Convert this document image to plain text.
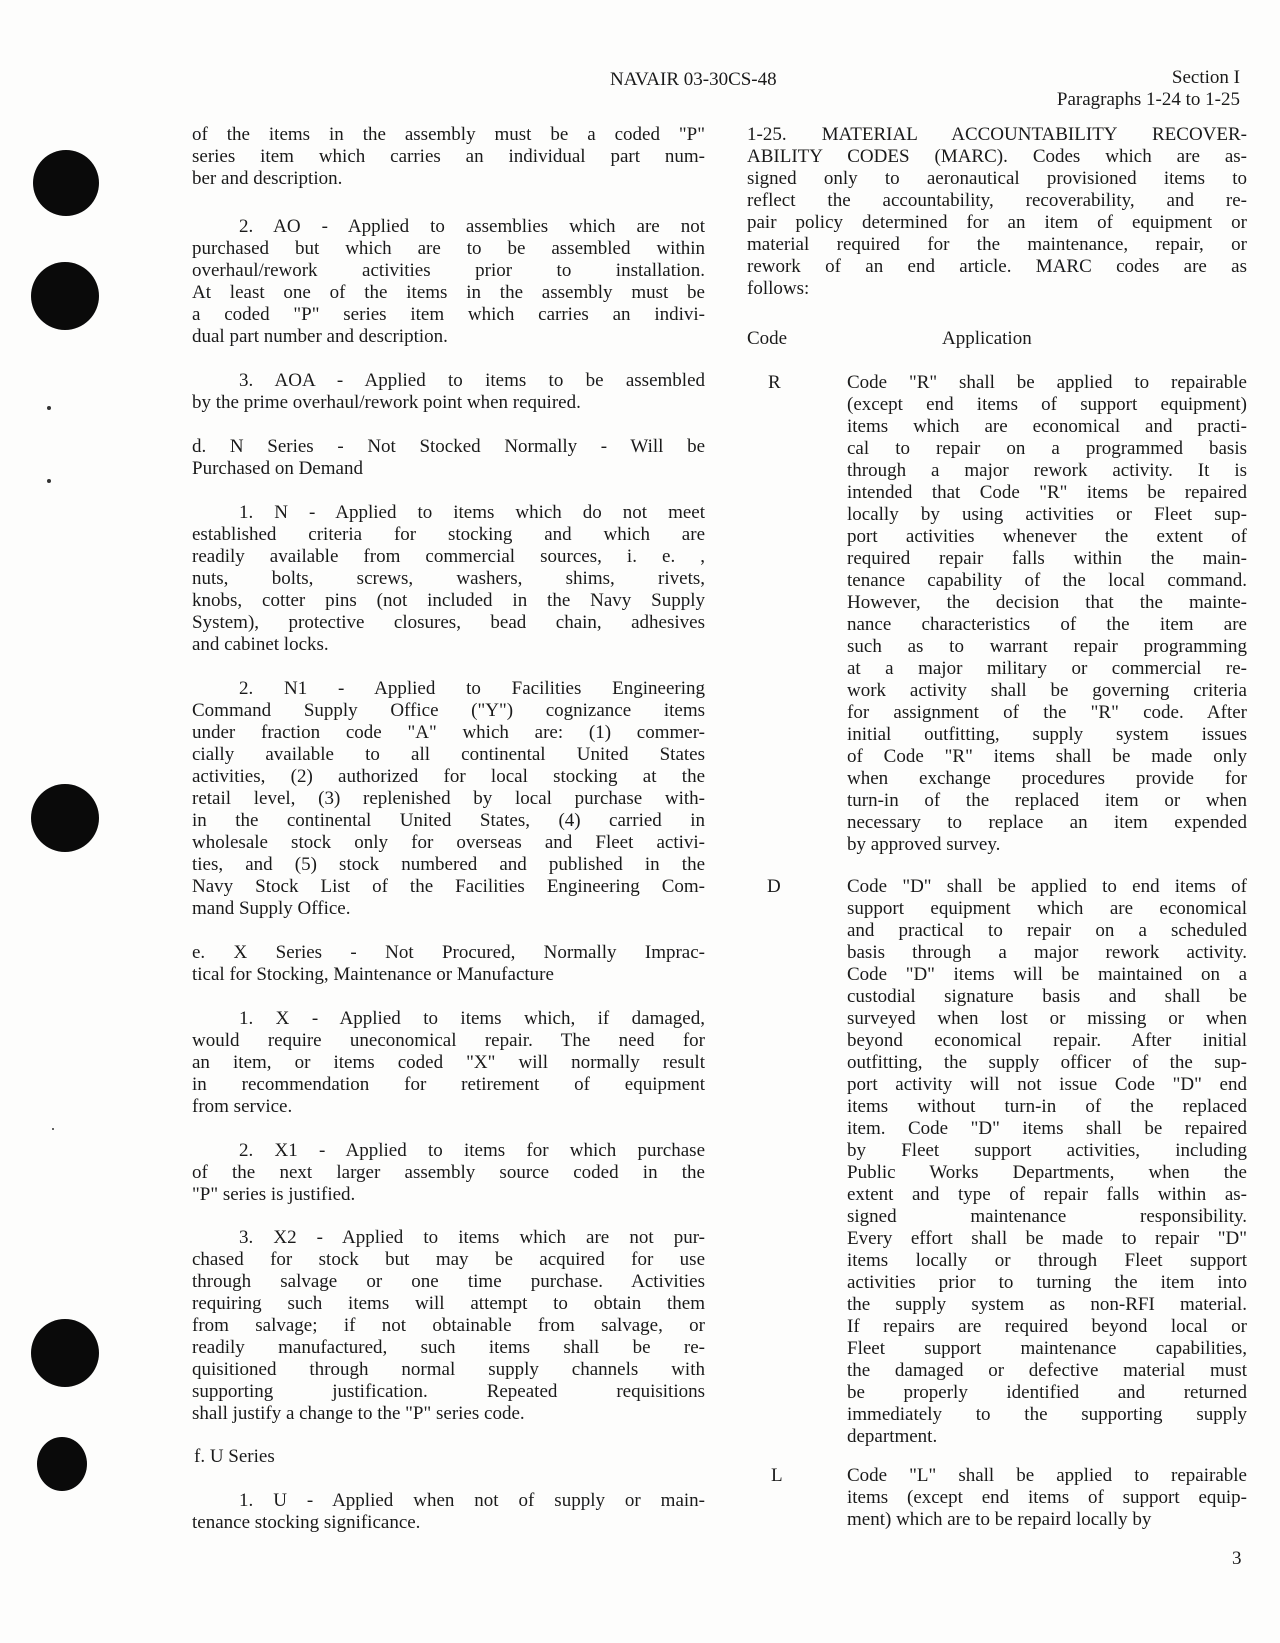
NAVAIR 03-30CS-48	Section I
Paragraphs 1-24 to 1-25
of the items in the assembly must be a coded "P"
series item which carries an individual part num-
ber and description.
2. AO - Applied to assemblies which are not
purchased but which are to be assembled within
overhaul/rework activities prior to installation.
At least one of the items in the assembly must be
a coded "P" series item which carries an indivi-
dual part number and description.
3. AOA - Applied to items to be assembled
by the prime overhaul/rework point when required.
d. N Series - Not Stocked Normally - Will be
Purchased on Demand
1. N - Applied to items which do not meet
established criteria for stocking and which are
readily available from commercial sources, i. e. ,
nuts, bolts, screws, washers, shims, rivets,
knobs, cotter pins (not included in the Navy Supply
System), protective closures, bead chain, adhesives
and cabinet locks.
2. N1 - Applied to Facilities Engineering
Command Supply Office ("Y") cognizance items
under fraction code "A" which are: (1) commer-
cially available to all continental United States
activities, (2) authorized for local stocking at the
retail level, (3) replenished by local purchase with-
in the continental United States, (4) carried in
wholesale stock only for overseas and Fleet activi-
ties, and (5) stock numbered and published in the
Navy Stock List of the Facilities Engineering Com-
mand Supply Office.
e. X Series - Not Procured, Normally Imprac-
tical for Stocking, Maintenance or Manufacture
1. X - Applied to items which, if damaged,
would require uneconomical repair. The need for
an item, or items coded "X" will normally result
in recommendation for retirement of equipment
from service.
2. X1 - Applied to items for which purchase
of the next larger assembly source coded in the
"P" series is justified.
3. X2 - Applied to items which are not pur-
chased for stock but may be acquired for use
through salvage or one time purchase. Activities
requiring such items will attempt to obtain them
from salvage; if not obtainable from salvage, or
readily manufactured, such items shall be re-
quisitioned through normal supply channels with
supporting justification. Repeated requisitions
shall justify a change to the "P" series code.
f. U Series
1. U - Applied when not of supply or main-
tenance stocking significance.
1-25. MATERIAL ACCOUNTABILITY RECOVER-
ABILITY CODES (MARC). Codes which are as-
signed only to aeronautical provisioned items to
reflect the accountability, recoverability, and re-
pair policy determined for an item of equipment or
material required for the maintenance, repair, or
rework of an end article. MARC codes are as
follows:
Code	Application
R	Code "R" shall be applied to repairable
(except end items of support equipment)
items which are economical and practi-
cal to repair on a programmed basis
through a major rework activity. It is
intended that Code "R" items be repaired
locally by using activities or Fleet sup-
port activities whenever the extent of
required repair falls within the main-
tenance capability of the local command.
However, the decision that the mainte-
nance characteristics of the item are
such as to warrant repair programming
at a major military or commercial re-
work activity shall be governing criteria
for assignment of the "R" code. After
initial outfitting, supply system issues
of Code "R" items shall be made only
when exchange procedures provide for
turn-in of the replaced item or when
necessary to replace an item expended
by approved survey.
D	Code "D" shall be applied to end items of
support equipment which are economical
and practical to repair on a scheduled
basis through a major rework activity.
Code "D" items will be maintained on a
custodial signature basis and shall be
surveyed when lost or missing or when
beyond economical repair. After initial
outfitting, the supply officer of the sup-
port activity will not issue Code "D" end
items without turn-in of the replaced
item. Code "D" items shall be repaired
by Fleet support activities, including
Public Works Departments, when the
extent and type of repair falls within as-
signed maintenance responsibility.
Every effort shall be made to repair "D"
items locally or through Fleet support
activities prior to turning the item into
the supply system as non-RFI material.
If repairs are required beyond local or
Fleet support maintenance capabilities,
the damaged or defective material must
be properly identified and returned
immediately to the supporting supply
department.
L	Code "L" shall be applied to repairable
items (except end items of support equip-
ment) which are to be repaird locally by
3
